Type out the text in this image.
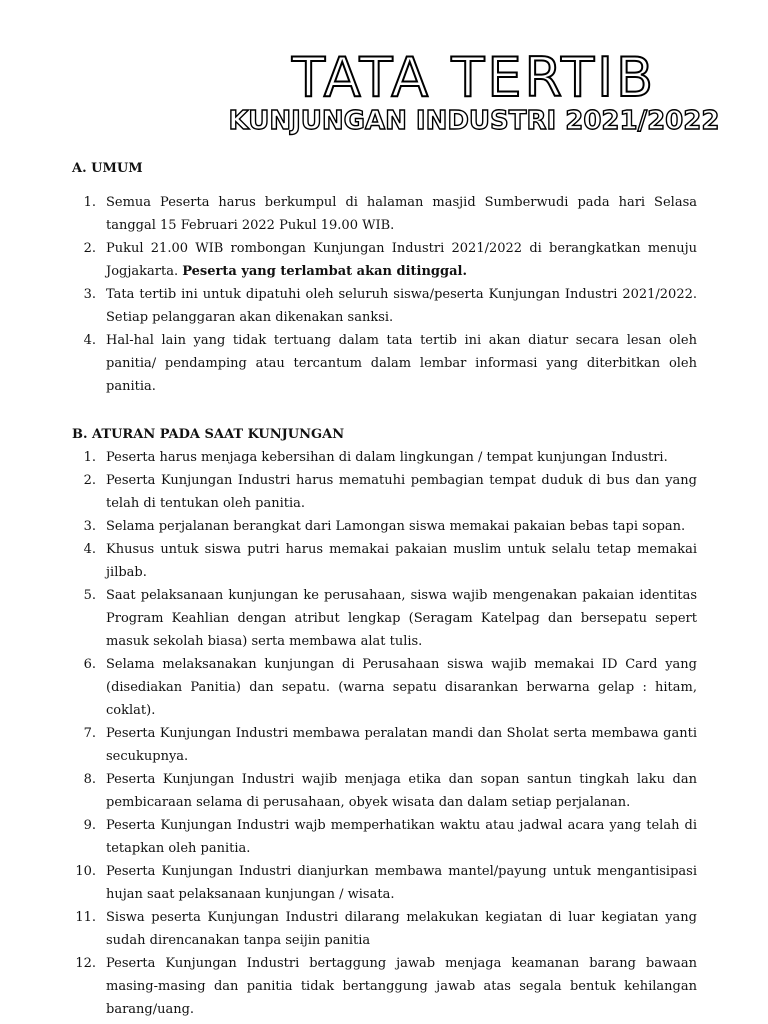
TATA TERTIB
KUNJUNGAN INDUSTRI 2021/2022

A. UMUM

1. Semua Peserta harus berkumpul di halaman masjid Sumberwudi pada hari Selasa tanggal 15 Februari 2022 Pukul 19.00 WIB.
2. Pukul 21.00 WIB rombongan Kunjungan Industri 2021/2022 di berangkatkan menuju Jogjakarta. Peserta yang terlambat akan ditinggal.
3. Tata tertib ini untuk dipatuhi oleh seluruh siswa/peserta Kunjungan Industri 2021/2022. Setiap pelanggaran akan dikenakan sanksi.
4. Hal-hal lain yang tidak tertuang dalam tata tertib ini akan diatur secara lesan oleh panitia/ pendamping atau tercantum dalam lembar informasi yang diterbitkan oleh panitia.

B. ATURAN PADA SAAT KUNJUNGAN

1. Peserta harus menjaga kebersihan di dalam lingkungan / tempat kunjungan Industri.
2. Peserta Kunjungan Industri harus mematuhi pembagian tempat duduk di bus dan yang telah di tentukan oleh panitia.
3. Selama perjalanan berangkat dari Lamongan siswa memakai pakaian bebas tapi sopan.
4. Khusus untuk siswa putri harus memakai pakaian muslim untuk selalu tetap memakai jilbab.
5. Saat pelaksanaan kunjungan ke perusahaan, siswa wajib mengenakan pakaian identitas Program Keahlian dengan atribut lengkap (Seragam Katelpag dan bersepatu sepert masuk sekolah biasa) serta membawa alat tulis.
6. Selama melaksanakan kunjungan di Perusahaan siswa wajib memakai ID Card yang (disediakan Panitia) dan sepatu. (warna sepatu disarankan berwarna gelap : hitam, coklat).
7. Peserta Kunjungan Industri membawa peralatan mandi dan Sholat serta membawa ganti secukupnya.
8. Peserta Kunjungan Industri wajib menjaga etika dan sopan santun tingkah laku dan pembicaraan selama di perusahaan, obyek wisata dan dalam setiap perjalanan.
9. Peserta Kunjungan Industri wajb memperhatikan waktu atau jadwal acara yang telah di tetapkan oleh panitia.
10. Peserta Kunjungan Industri dianjurkan membawa mantel/payung untuk mengantisipasi hujan saat pelaksanaan kunjungan / wisata.
11. Siswa peserta Kunjungan Industri dilarang melakukan kegiatan di luar kegiatan yang sudah direncanakan tanpa seijin panitia
12. Peserta Kunjungan Industri bertaggung jawab menjaga keamanan barang bawaan masing-masing dan panitia tidak bertanggung jawab atas segala bentuk kehilangan barang/uang.
